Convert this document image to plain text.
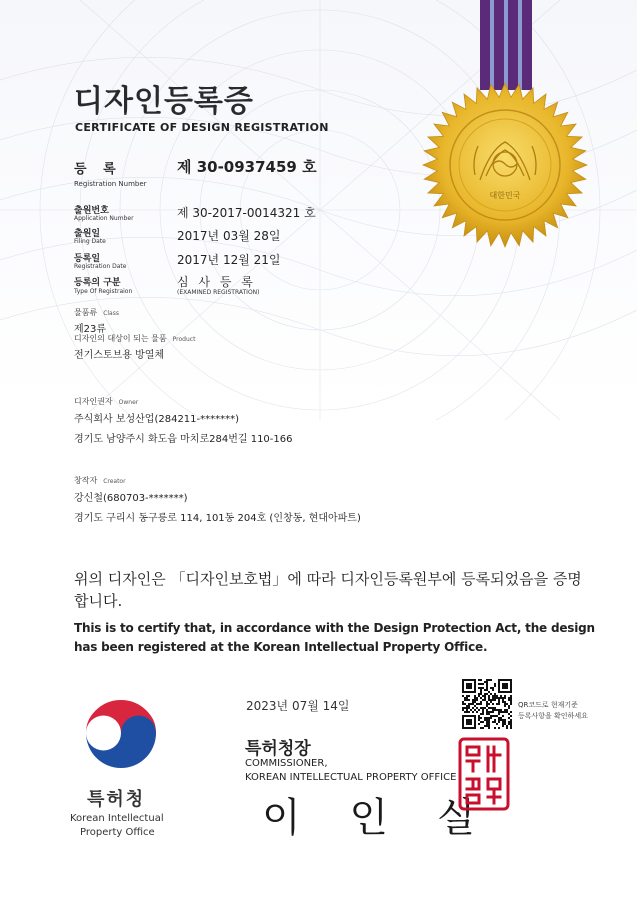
대한민국
디자인등록증
CERTIFICATE OF DESIGN REGISTRATION
등 록
Registration Number
제 30-0937459 호
출원번호
Application Number	제 30-2017-0014321 호
출원일
Filing Date	2017년 03월 28일
등록일
Registration Date	2017년 12월 21일
등록의 구분
Type Of Registraion
심 사 등 록
(EXAMINED REGISTRATION)
물품류 Class
제23류
디자인의 대상이 되는 물품 Product
전기스토브용 방열체
디자인권자 Owner
주식회사 보성산업(284211-*******)
경기도 남양주시 화도읍 마치로284번길 110-166
창작자 Creator
강신철(680703-*******)
경기도 구리시 동구릉로 114, 101동 204호 (인창동, 현대아파트)
위의 디자인은 「디자인보호법」에 따라 디자인등록원부에 등록되었음을 증명합니다.
This is to certify that, in accordance with the Design Protection Act, the design has been registered at the Korean Intellectual Property Office.
2023년 07월 14일	QR코드로 현재기준
등록사항을 확인하세요
특허청장
COMMISSIONER,
KOREAN INTELLECTUAL PROPERTY OFFICE
이 인 실
특허청
Korean Intellectual
Property Office
